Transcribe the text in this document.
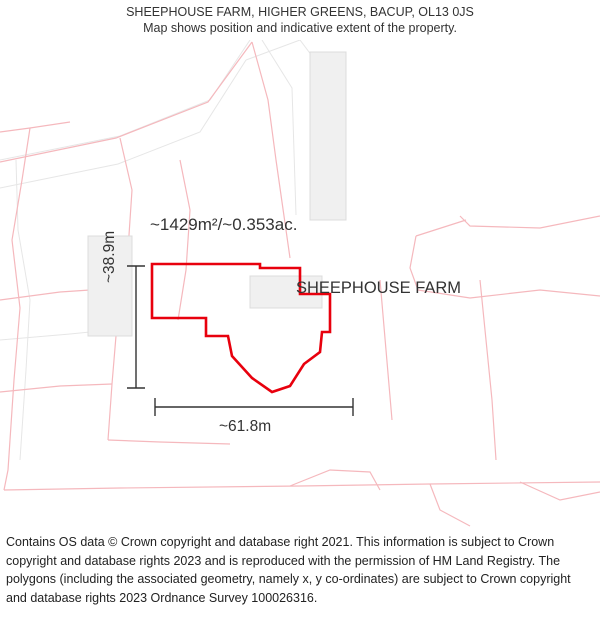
SHEEPHOUSE FARM, HIGHER GREENS, BACUP, OL13 0JS
Map shows position and indicative extent of the property.
~1429m²/~0.353ac.
SHEEPHOUSE FARM
~61.8m
~38.9m
Contains OS data © Crown copyright and database right 2021. This information is subject to Crown copyright and database rights 2023 and is reproduced with the permission of HM Land Registry. The polygons (including the associated geometry, namely x, y co-ordinates) are subject to Crown copyright and database rights 2023 Ordnance Survey 100026316.
